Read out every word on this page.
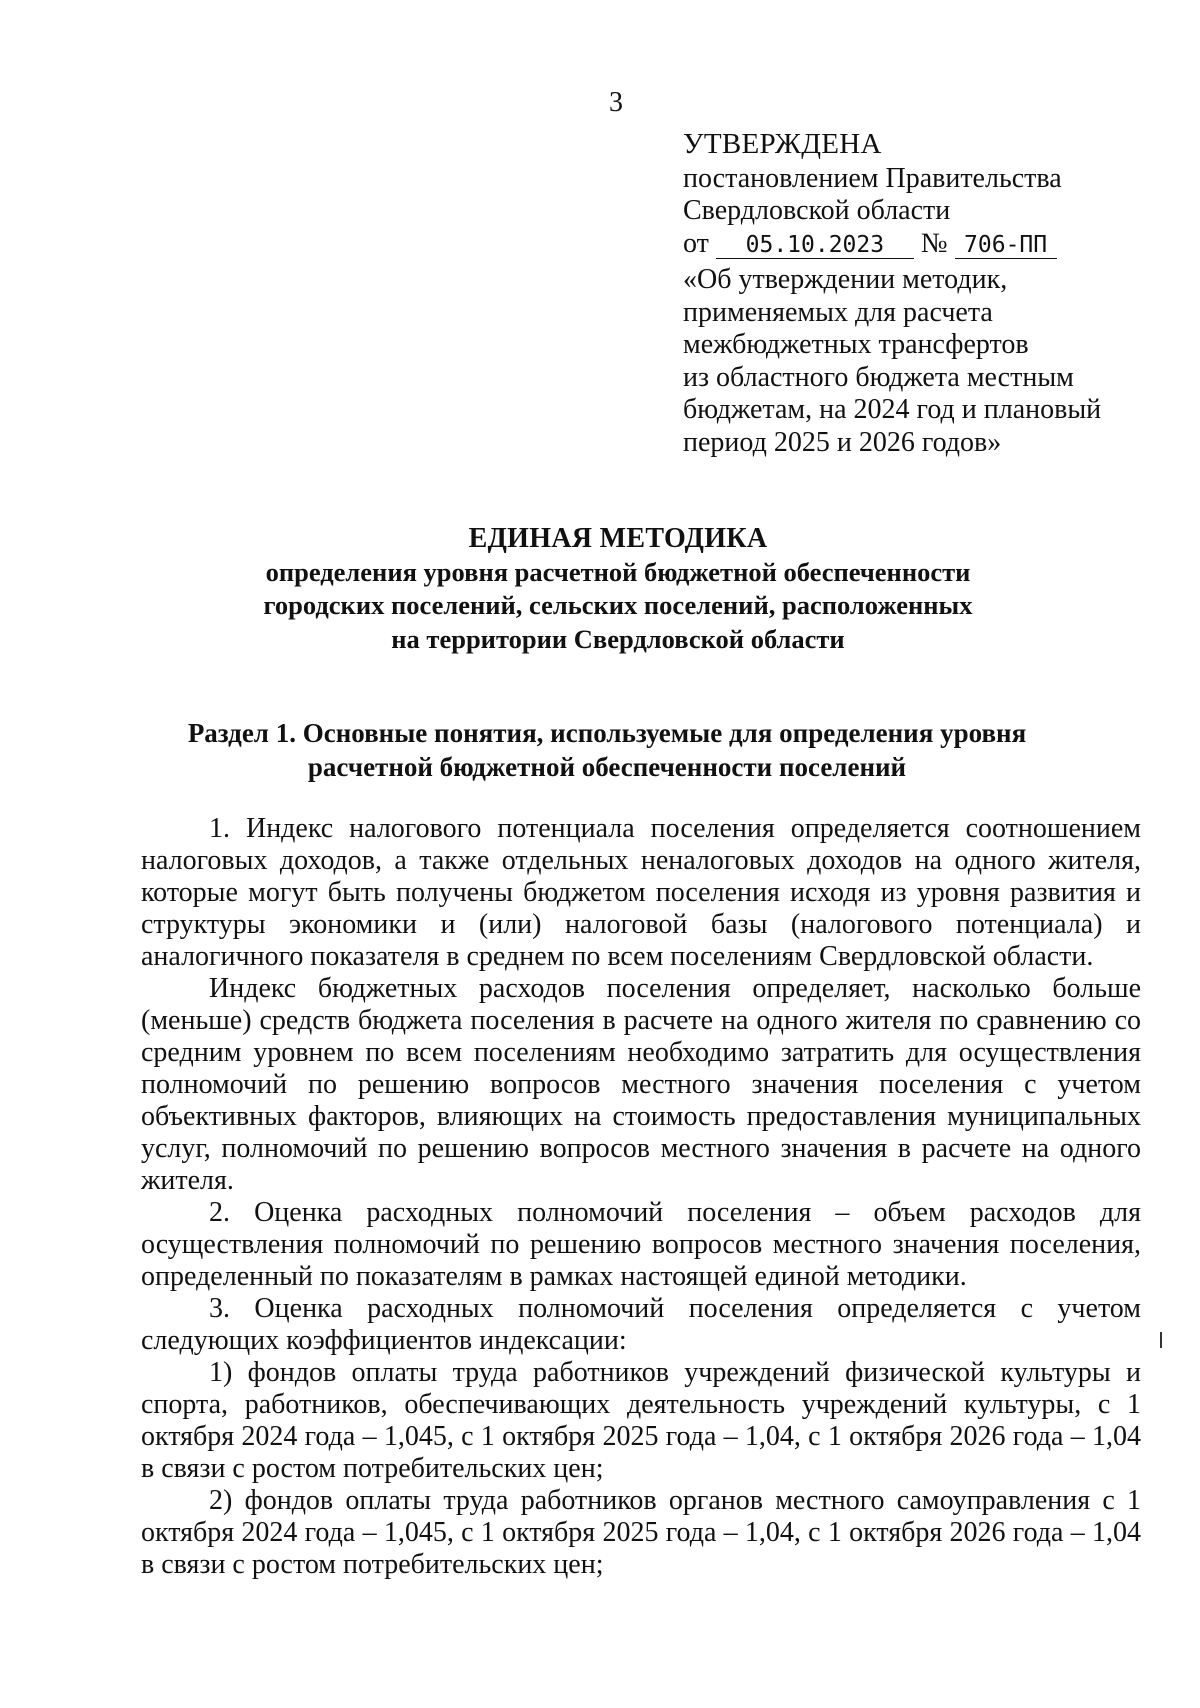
3
УТВЕРЖДЕНА
постановлением Правительства
Свердловской области
от 05.10.2023 № 706-ПП
«Об утверждении методик,
применяемых для расчета
межбюджетных трансфертов
из областного бюджета местным
бюджетам, на 2024 год и плановый
период 2025 и 2026 годов»
ЕДИНАЯ МЕТОДИКА
определения уровня расчетной бюджетной обеспеченности
городских поселений, сельских поселений, расположенных
на территории Свердловской области
Раздел 1. Основные понятия, используемые для определения уровня
расчетной бюджетной обеспеченности поселений

1. Индекс налогового потенциала поселения определяется соотношением налоговых доходов, а также отдельных неналоговых доходов на одного жителя, которые могут быть получены бюджетом поселения исходя из уровня развития и структуры экономики и (или) налоговой базы (налогового потенциала) и аналогичного показателя в среднем по всем поселениям Свердловской области.

Индекс бюджетных расходов поселения определяет, насколько больше (меньше) средств бюджета поселения в расчете на одного жителя по сравнению со средним уровнем по всем поселениям необходимо затратить для осуществления полномочий по решению вопросов местного значения поселения с учетом объективных факторов, влияющих на стоимость предоставления муниципальных услуг, полномочий по решению вопросов местного значения в расчете на одного жителя.

2. Оценка расходных полномочий поселения – объем расходов для осуществления полномочий по решению вопросов местного значения поселения, определенный по показателям в рамках настоящей единой методики.

3. Оценка расходных полномочий поселения определяется с учетом следующих коэффициентов индексации:

1) фондов оплаты труда работников учреждений физической культуры и спорта, работников, обеспечивающих деятельность учреждений культуры, с 1 октября 2024 года – 1,045, с 1 октября 2025 года – 1,04, с 1 октября 2026 года – 1,04 в связи с ростом потребительских цен;

2) фондов оплаты труда работников органов местного самоуправления с 1 октября 2024 года – 1,045, с 1 октября 2025 года – 1,04, с 1 октября 2026 года – 1,04 в связи с ростом потребительских цен;
